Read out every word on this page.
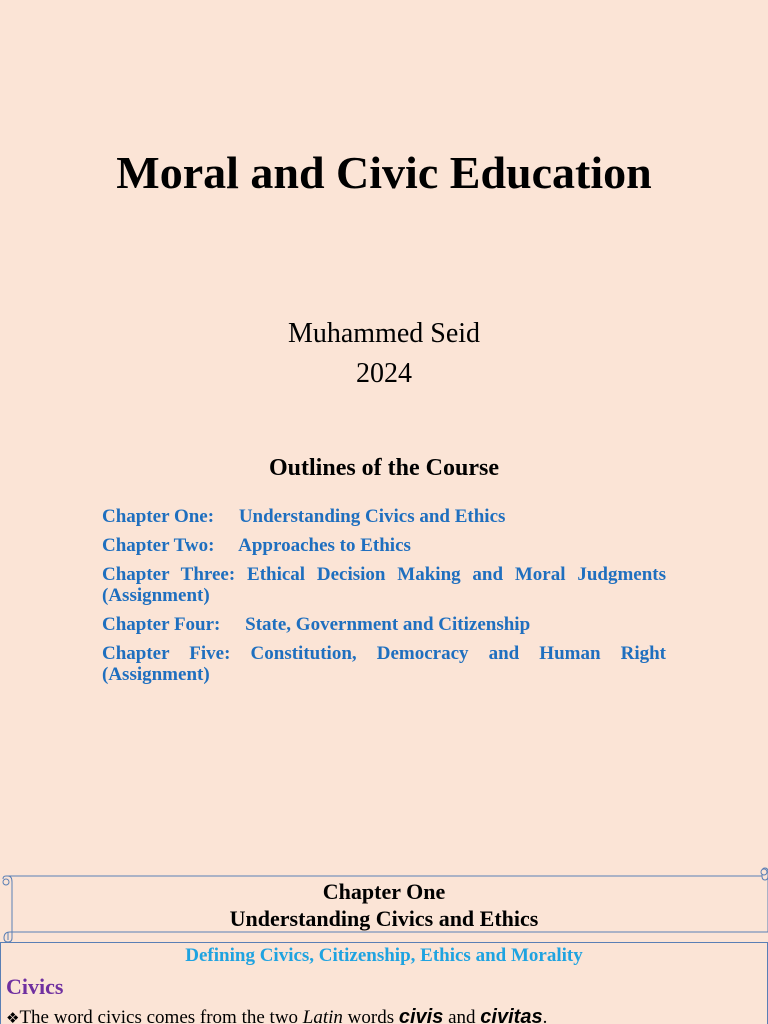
Moral and Civic Education
Muhammed Seid
2024
Outlines of the Course
Chapter One: Understanding Civics and Ethics
Chapter Two: Approaches to Ethics
Chapter Three: Ethical Decision Making and Moral Judgments (Assignment)
Chapter Four: State, Government and Citizenship
Chapter Five: Constitution, Democracy and Human Right (Assignment)
Chapter One
Understanding Civics and Ethics
Defining Civics, Citizenship, Ethics and Morality
Civics
❖The word civics comes from the two Latin words civis and civitas.
